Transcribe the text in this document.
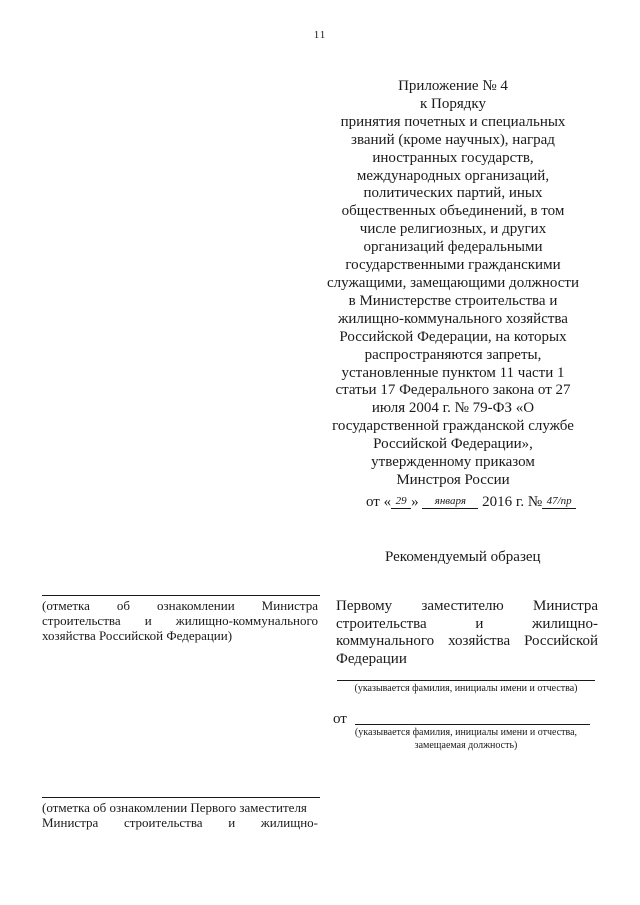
11
Приложение № 4
к Порядку
принятия почетных и специальных
званий (кроме научных), наград
иностранных государств,
международных организаций,
политических партий, иных
общественных объединений, в том
числе религиозных, и других
организаций федеральными
государственными гражданскими
служащими, замещающими должности
в Министерстве строительства и
жилищно-коммунального хозяйства
Российской Федерации, на которых
распространяются запреты,
установленные пунктом 11 части 1
статьи 17 Федерального закона от 27
июля 2004 г. № 79-ФЗ «О
государственной гражданской службе
Российской Федерации»,
утвержденному приказом
Минстроя России
от « 29 » января 2016 г. № 47/пр
Рекомендуемый образец
(отметка об ознакомлении Министра
строительства и жилищно-коммунального
хозяйства Российской Федерации)
Первому заместителю Министра
строительства и жилищно-
коммунального хозяйства Российской
Федерации
(указывается фамилия, инициалы имени и отчества)
от
(указывается фамилия, инициалы имени и отчества,
замещаемая должность)
(отметка об ознакомлении Первого заместителя
Министра строительства и жилищно-
